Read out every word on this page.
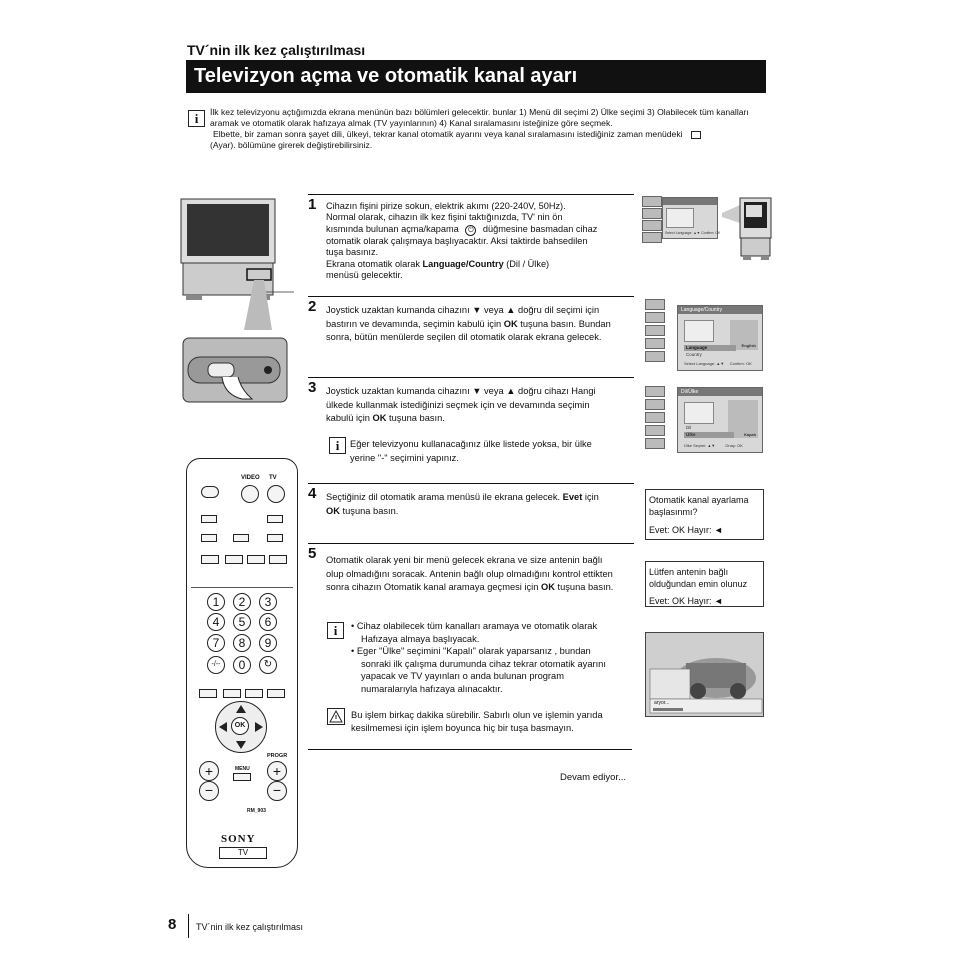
TV´nin ilk kez çalıştırılması
Televizyon açma ve otomatik kanal ayarı
i	İlk kez televizyonu açtığımızda ekrana menünün bazı bölümleri gelecektir. bunlar 1) Menü dil seçimi 2) Ülke seçimi 3) Olabilecek tüm kanalları aramak ve otomatik olarak hafızaya almak (TV yayınlarının) 4) Kanal sıralamasını isteğinize göre seçmek.

Elbette, bir zaman sonra şayet dili, ülkeyi, tekrar kanal otomatik ayarını veya kanal sıralamasını istediğiniz zaman menüdeki

(Ayar). bölümüne girerek değiştirebilirsiniz.

VIDEO TV
1	2	3
4	5	6
7	8	9
-/--	0	↻
OK
PROGR
+
−
MENU	+
−
RM_903
SONY
TV
1 Cihazın fişini pirize sokun, elektrik akımı (220-240V, 50Hz).

Normal olarak, cihazın ilk kez fişini taktığınızda, TV' nin ön

kısmında bulunan açma/kapama ⏻ düğmesine basmadan cihaz

otomatik olarak çalışmaya başlıyacaktır. Aksi taktirde bahsedilen

tuşa basınız.

Ekrana otomatik olarak Language/Country (Dil / Ülke)

menüsü gelecektir.

2 Joystick uzaktan kumanda cihazını ▼ veya ▲ doğru dil seçimi için

bastırın ve devamında, seçimin kabulü için OK tuşuna basın. Bundan

sonra, bütün menülerde seçilen dil otomatik olarak ekrana gelecek.

3 Joystick uzaktan kumanda cihazını ▼ veya ▲ doğru cihazı Hangi

ülkede kullanmak istediğinizi seçmek için ve devamında seçimin

kabulü için OK tuşuna basın.

i	Eğer televizyonu kullanacağınız ülke listede yoksa, bir ülke

yerine "-" seçimini yapınız.

4 Seçtiğiniz dil otomatik arama menüsü ile ekrana gelecek. Evet için

OK tuşuna basın.

5 Otomatik olarak yeni bir menü gelecek ekrana ve size antenin bağlı

olup olmadığını soracak. Antenin bağlı olup olmadığını kontrol ettikten

sonra cihazın Otomatik kanal aramaya geçmesi için OK tuşuna basın.

i	• Cihaz olabilecek tüm kanalları aramaya ve otomatik olarak

Hafızaya almaya başlıyacak.

• Eger "Ülke" seçimini "Kapalı" olarak yaparsanız , bundan

sonraki ilk çalışma durumunda cihaz tekrar otomatik ayarını

yapacak ve TV yayınları o anda bulunan program

numaralarıyla hafızaya alınacaktır.

Bu işlem birkaç dakika sürebilir. Sabırlı olun ve işlemin yarıda

kesilmemesi için işlem boyunca hiç bir tuşa basmayın.

Devam ediyor...
Select Language: ▲▼ Confirm: OK
Language/Country
English
Language
Country
Select Language: ▲▼     Confirm: OK
Dil/Ülke
Kapalı
Dil
Ülke
Ülke Seçimi: ▲▼         Onay: OK

Otomatik kanal ayarlama

başlasınmı?

Evet: OK Hayır: ◄

Lütfen antenin bağlı

olduğundan emin olunuz

Evet: OK Hayır: ◄

aryor...
8 TV´nin ilk kez çalıştırılması
